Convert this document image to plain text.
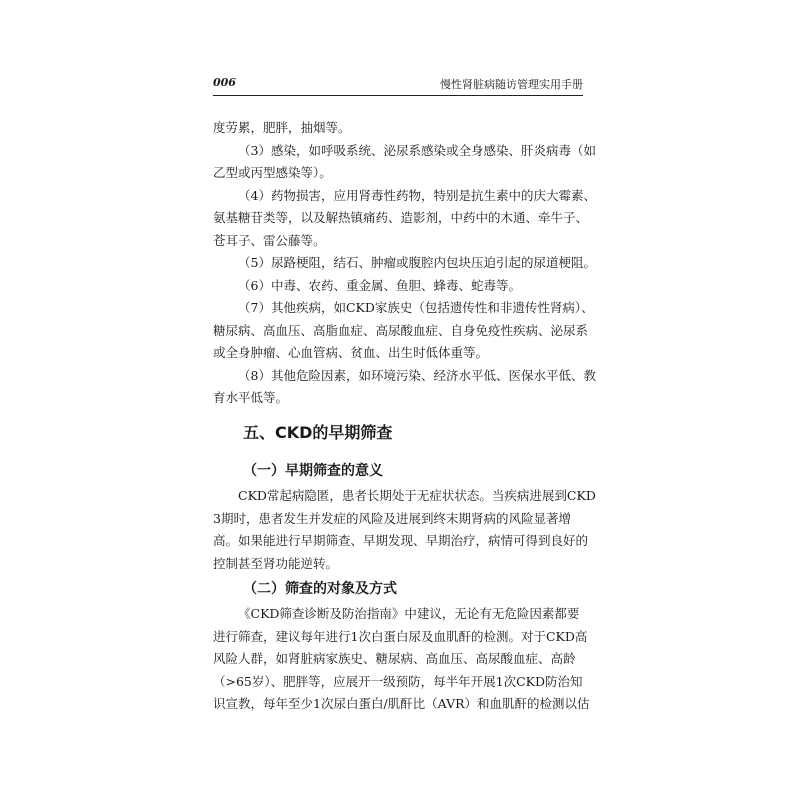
006	慢性肾脏病随访管理实用手册

度劳累，肥胖，抽烟等。

（3）感染，如呼吸系统、泌尿系感染或全身感染、肝炎病毒（如
乙型或丙型感染等）。

（4）药物损害，应用肾毒性药物，特别是抗生素中的庆大霉素、
氨基糖苷类等，以及解热镇痛药、造影剂，中药中的木通、牵牛子、
苍耳子、雷公藤等。

（5）尿路梗阻，结石、肿瘤或腹腔内包块压迫引起的尿道梗阻。

（6）中毒、农药、重金属、鱼胆、蜂毒、蛇毒等。

（7）其他疾病，如CKD家族史（包括遗传性和非遗传性肾病）、
糖尿病、高血压、高脂血症、高尿酸血症、自身免疫性疾病、泌尿系
或全身肿瘤、心血管病、贫血、出生时低体重等。

（8）其他危险因素，如环境污染、经济水平低、医保水平低、教
育水平低等。

五、CKD的早期筛查
（一）早期筛查的意义

CKD常起病隐匿，患者长期处于无症状状态。当疾病进展到CKD
3期时，患者发生并发症的风险及进展到终末期肾病的风险显著增
高。如果能进行早期筛查、早期发现、早期治疗，病情可得到良好的
控制甚至肾功能逆转。

（二）筛查的对象及方式

《CKD筛查诊断及防治指南》中建议，无论有无危险因素都要
进行筛查，建议每年进行1次白蛋白尿及血肌酐的检测。对于CKD高
风险人群，如肾脏病家族史、糖尿病、高血压、高尿酸血症、高龄
（>65岁）、肥胖等，应展开一级预防，每半年开展1次CKD防治知
识宣教，每年至少1次尿白蛋白/肌酐比（AVR）和血肌酐的检测以估
